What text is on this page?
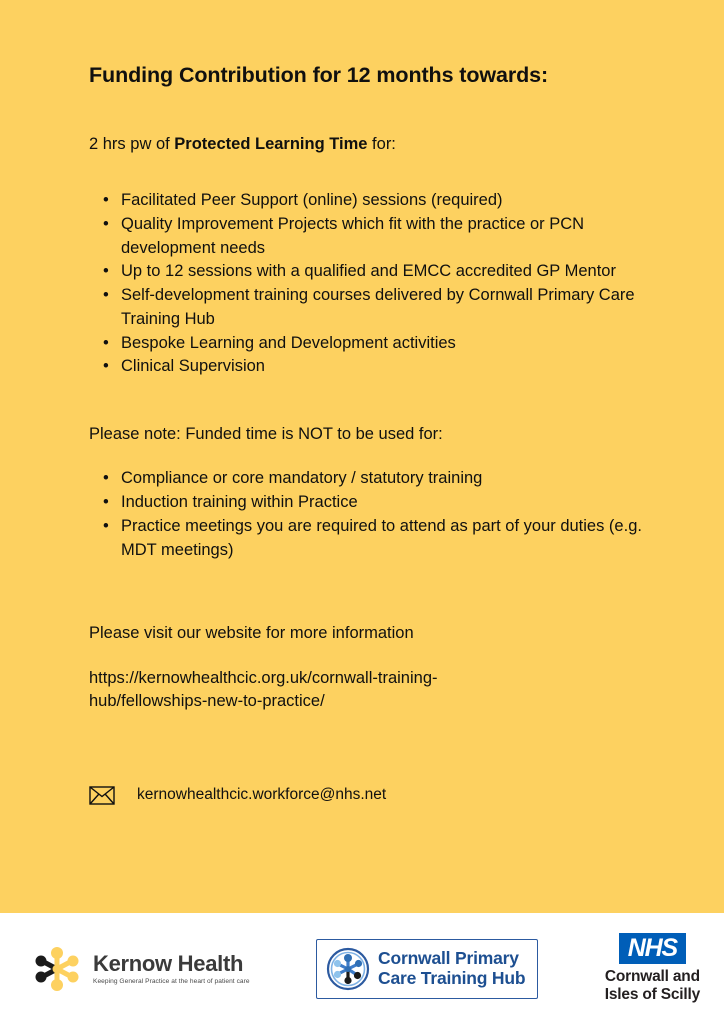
Funding Contribution for 12 months towards:

2 hrs pw of Protected Learning Time for:

• Facilitated Peer Support (online) sessions (required)
• Quality Improvement Projects which fit with the practice or PCN development needs
• Up to 12 sessions with a qualified and EMCC accredited GP Mentor
• Self-development training courses delivered by Cornwall Primary Care Training Hub
• Bespoke Learning and Development activities
• Clinical Supervision

Please note: Funded time is NOT to be used for:

• Compliance or core mandatory / statutory training
• Induction training within Practice
• Practice meetings you are required to attend as part of your duties (e.g. MDT meetings)

Please visit our website for more information

https://kernowhealthcic.org.uk/cornwall-training-hub/fellowships-new-to-practice/

kernowhealthcic.workforce@nhs.net
Kernow Health
Keeping General Practice at the heart of patient care
Cornwall Primary
Care Training Hub
NHS
Cornwall and
Isles of Scilly
